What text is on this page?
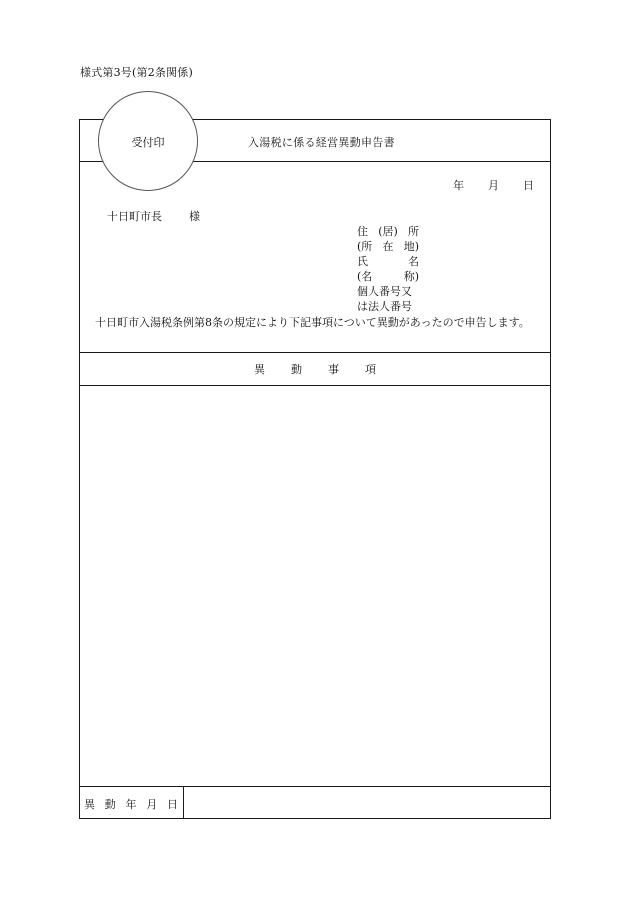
様式第3号(第2条関係)
受付印	入湯税に係る経営異動申告書
年 月 日
十日町市長 様
住 (居) 所
(所 在 地)
氏	名
(名	称)
個人番号又
は法人番号
十日町市入湯税条例第8条の規定により下記事項について異動があったので申告します。
異 動 事 項
異 動 年 月 日
